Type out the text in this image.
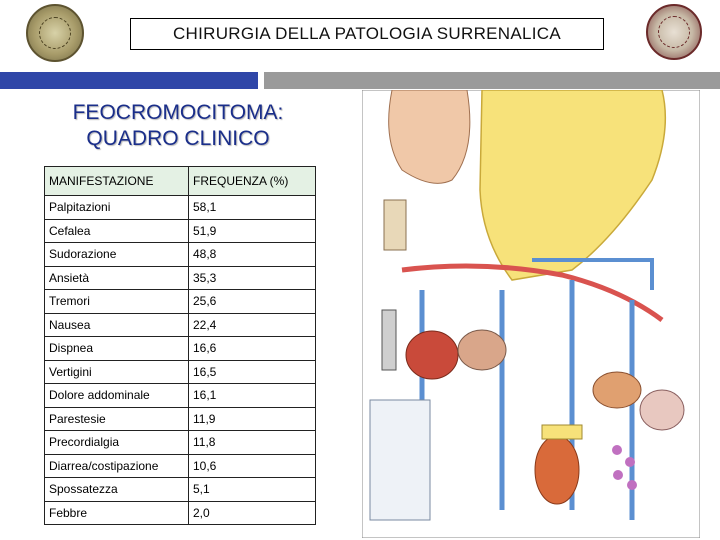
CHIRURGIA DELLA PATOLOGIA SURRENALICA
FEOCROMOCITOMA:
QUADRO CLINICO
MANIFESTAZIONE	FREQUENZA (%)
Palpitazioni	58,1
Cefalea	51,9
Sudorazione	48,8
Ansietà	35,3
Tremori	25,6
Nausea	22,4
Dispnea	16,6
Vertigini	16,5
Dolore addominale	16,1
Parestesie	11,9
Precordialgia	11,8
Diarrea/costipazione	10,6
Spossatezza	5,1
Febbre	2,0
